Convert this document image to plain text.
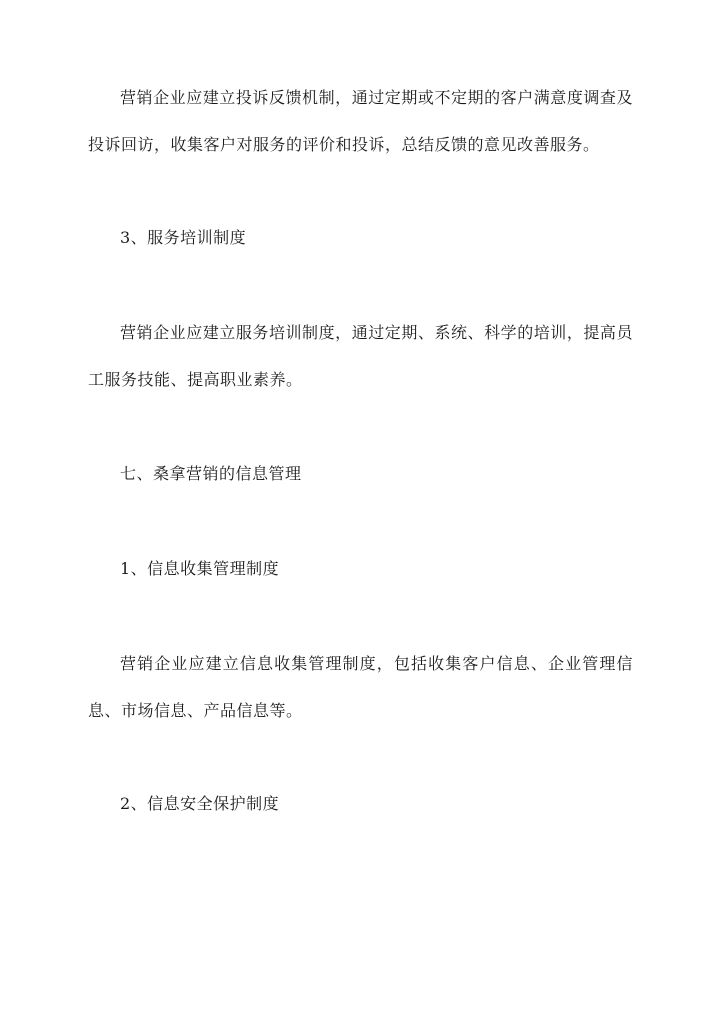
营销企业应建立投诉反馈机制，通过定期或不定期的客户满意度调查及投诉回访，收集客户对服务的评价和投诉，总结反馈的意见改善服务。

3、服务培训制度

营销企业应建立服务培训制度，通过定期、系统、科学的培训，提高员工服务技能、提高职业素养。

七、桑拿营销的信息管理

1、信息收集管理制度

营销企业应建立信息收集管理制度，包括收集客户信息、企业管理信息、市场信息、产品信息等。

2、信息安全保护制度
